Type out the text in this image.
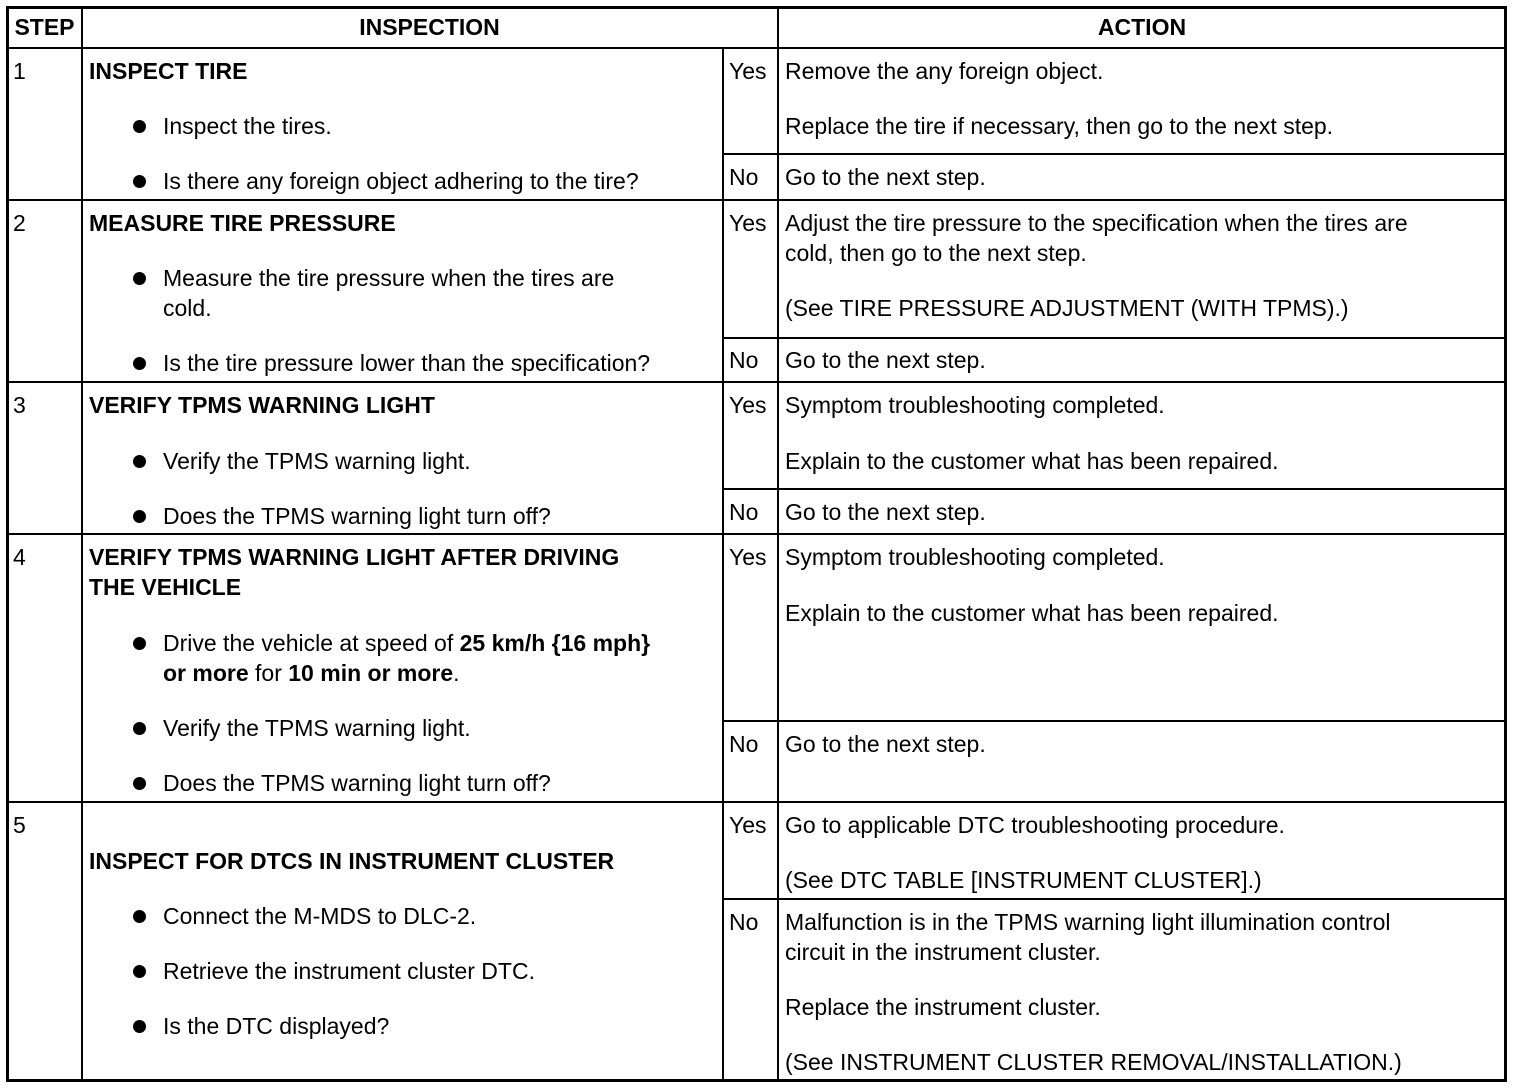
STEP	INSPECTION	ACTION
1	INSPECT TIRE
Inspect the tires.
Is there any foreign object adhering to the tire?
Yes Remove the any foreign object.
Replace the tire if necessary, then go to the next step.
No Go to the next step.
2	MEASURE TIRE PRESSURE
Measure the tire pressure when the tires are
cold.
Is the tire pressure lower than the specification?
Yes Adjust the tire pressure to the specification when the tires are
cold, then go to the next step.
(See TIRE PRESSURE ADJUSTMENT (WITH TPMS).)
No Go to the next step.
3	VERIFY TPMS WARNING LIGHT
Verify the TPMS warning light.
Does the TPMS warning light turn off?
Yes Symptom troubleshooting completed.
Explain to the customer what has been repaired.
No Go to the next step.
4	VERIFY TPMS WARNING LIGHT AFTER DRIVING
THE VEHICLE
Drive the vehicle at speed of 25 km/h {16 mph}
or more for 10 min or more.
Verify the TPMS warning light.
Does the TPMS warning light turn off?
Yes Symptom troubleshooting completed.
Explain to the customer what has been repaired.
No Go to the next step.
5
INSPECT FOR DTCS IN INSTRUMENT CLUSTER
Connect the M-MDS to DLC-2.
Retrieve the instrument cluster DTC.
Is the DTC displayed?
Yes Go to applicable DTC troubleshooting procedure.
(See DTC TABLE [INSTRUMENT CLUSTER].)
No Malfunction is in the TPMS warning light illumination control
circuit in the instrument cluster.
Replace the instrument cluster.
(See INSTRUMENT CLUSTER REMOVAL/INSTALLATION.)
